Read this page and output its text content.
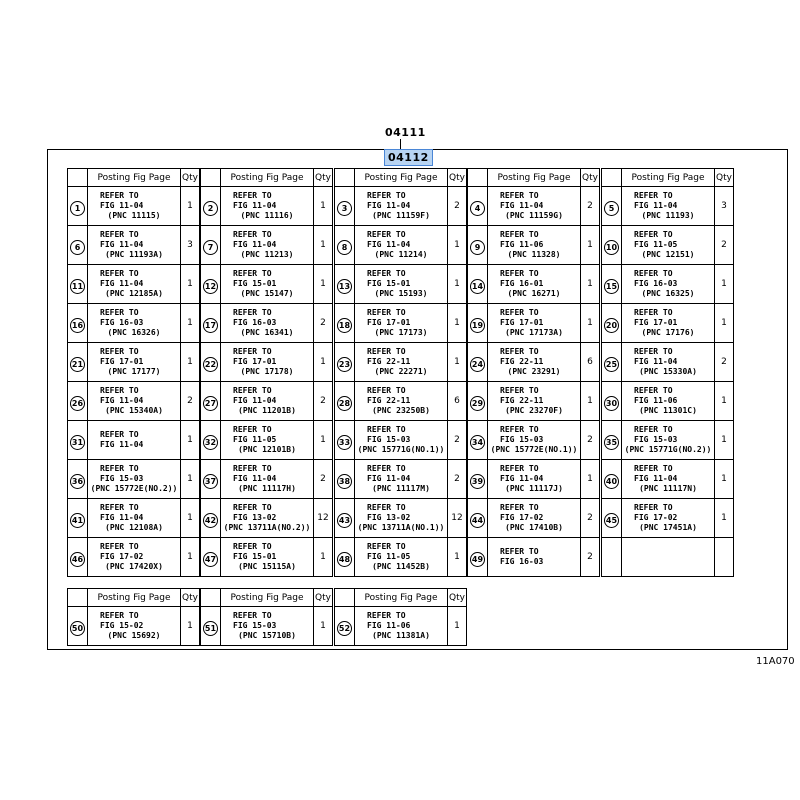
04111
04112
11A070
	Posting Fig Page	Qty
1	REFER TO
FIG 11-04
(PNC 11115)	1
6	REFER TO
FIG 11-04
(PNC 11193A)	3
11	REFER TO
FIG 11-04
(PNC 12185A)	1
16	REFER TO
FIG 16-03
(PNC 16326)	1
21	REFER TO
FIG 17-01
(PNC 17177)	1
26	REFER TO
FIG 11-04
(PNC 15340A)	2
31	REFER TO
FIG 11-04	1
36	REFER TO
FIG 15-03
(PNC 15772E(NO.2))	1
41	REFER TO
FIG 11-04
(PNC 12108A)	1
46	REFER TO
FIG 17-02
(PNC 17420X)	1
	Posting Fig Page	Qty
2	REFER TO
FIG 11-04
(PNC 11116)	1
7	REFER TO
FIG 11-04
(PNC 11213)	1
12	REFER TO
FIG 15-01
(PNC 15147)	1
17	REFER TO
FIG 16-03
(PNC 16341)	2
22	REFER TO
FIG 17-01
(PNC 17178)	1
27	REFER TO
FIG 11-04
(PNC 11201B)	2
32	REFER TO
FIG 11-05
(PNC 12101B)	1
37	REFER TO
FIG 11-04
(PNC 11117H)	2
42	REFER TO
FIG 13-02
(PNC 13711A(NO.2))	12
47	REFER TO
FIG 15-01
(PNC 15115A)	1
	Posting Fig Page	Qty
3	REFER TO
FIG 11-04
(PNC 11159F)	2
8	REFER TO
FIG 11-04
(PNC 11214)	1
13	REFER TO
FIG 15-01
(PNC 15193)	1
18	REFER TO
FIG 17-01
(PNC 17173)	1
23	REFER TO
FIG 22-11
(PNC 22271)	1
28	REFER TO
FIG 22-11
(PNC 23250B)	6
33	REFER TO
FIG 15-03
(PNC 15771G(NO.1))	2
38	REFER TO
FIG 11-04
(PNC 11117M)	2
43	REFER TO
FIG 13-02
(PNC 13711A(NO.1))	12
48	REFER TO
FIG 11-05
(PNC 11452B)	1
	Posting Fig Page	Qty
4	REFER TO
FIG 11-04
(PNC 11159G)	2
9	REFER TO
FIG 11-06
(PNC 11328)	1
14	REFER TO
FIG 16-01
(PNC 16271)	1
19	REFER TO
FIG 17-01
(PNC 17173A)	1
24	REFER TO
FIG 22-11
(PNC 23291)	6
29	REFER TO
FIG 22-11
(PNC 23270F)	1
34	REFER TO
FIG 15-03
(PNC 15772E(NO.1))	2
39	REFER TO
FIG 11-04
(PNC 11117J)	1
44	REFER TO
FIG 17-02
(PNC 17410B)	2
49	REFER TO
FIG 16-03	2
	Posting Fig Page	Qty
5	REFER TO
FIG 11-04
(PNC 11193)	3
10	REFER TO
FIG 11-05
(PNC 12151)	2
15	REFER TO
FIG 16-03
(PNC 16325)	1
20	REFER TO
FIG 17-01
(PNC 17176)	1
25	REFER TO
FIG 11-04
(PNC 15330A)	2
30	REFER TO
FIG 11-06
(PNC 11301C)	1
35	REFER TO
FIG 15-03
(PNC 15771G(NO.2))	1
40	REFER TO
FIG 11-04
(PNC 11117N)	1
45	REFER TO
FIG 17-02
(PNC 17451A)	1

	Posting Fig Page	Qty
50	REFER TO
FIG 15-02
(PNC 15692)	1
	Posting Fig Page	Qty
51	REFER TO
FIG 15-03
(PNC 15710B)	1
	Posting Fig Page	Qty
52	REFER TO
FIG 11-06
(PNC 11381A)	1
